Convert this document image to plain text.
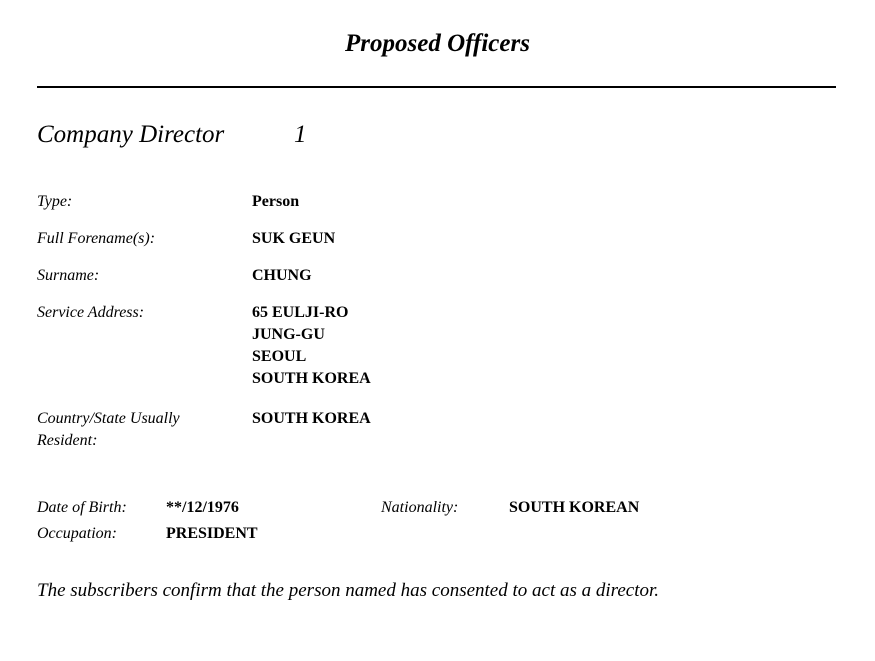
Proposed Officers
Company Director	1
Type:	Person
Full Forename(s):	SUK GEUN
Surname:	CHUNG
Service Address:	65 EULJI-RO
JUNG-GU
SEOUL
SOUTH KOREA
Country/State Usually
Resident:
SOUTH KOREA
Date of Birth: **/12/1976	Nationality:	SOUTH KOREAN
Occupation:	PRESIDENT
The subscribers confirm that the person named has consented to act as a director.
